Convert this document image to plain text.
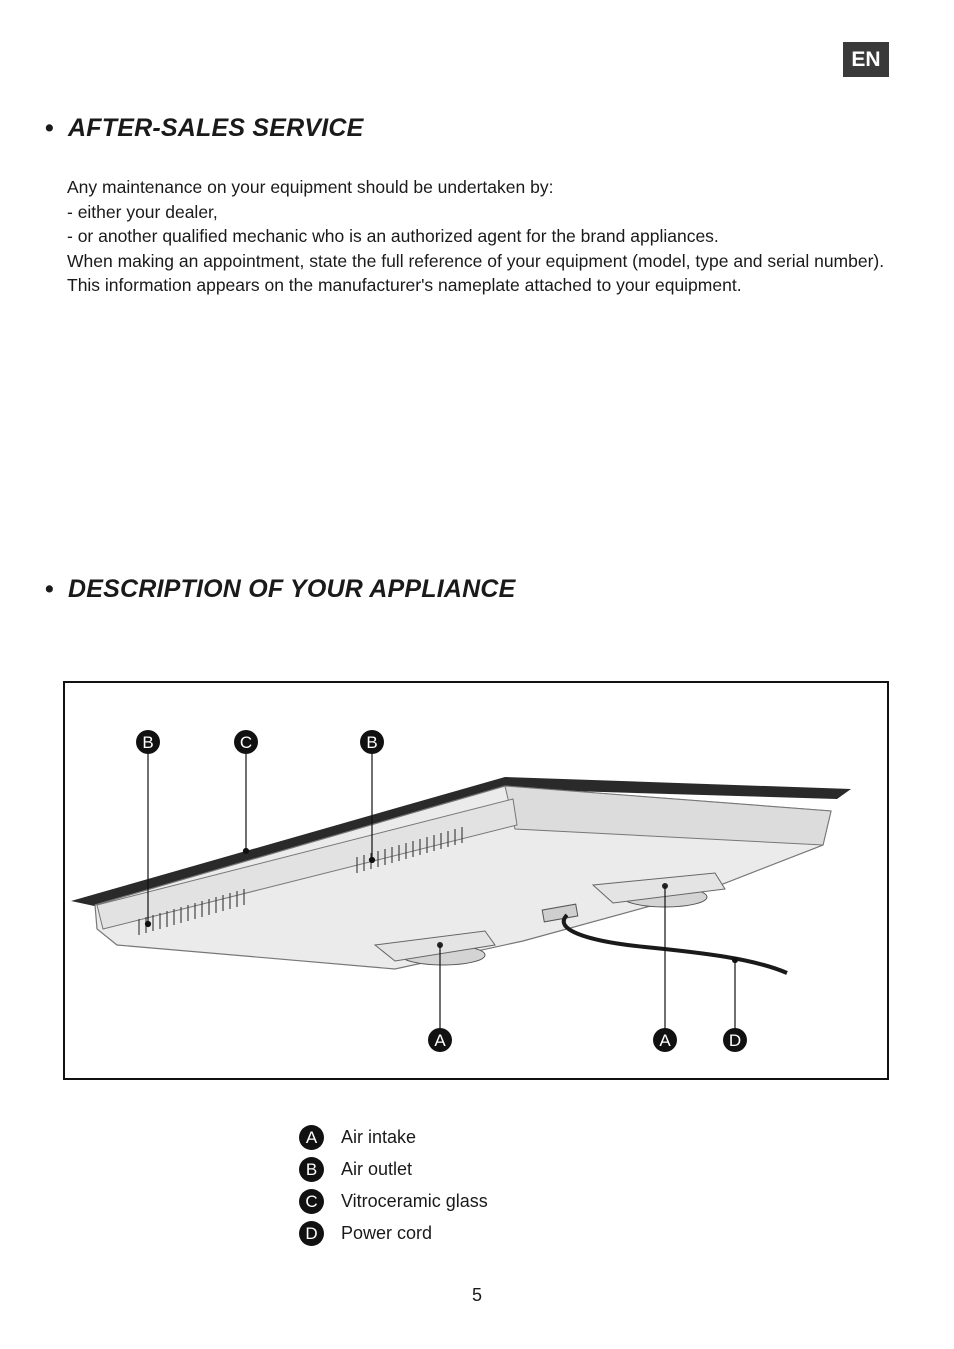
EN
• AFTER-SALES SERVICE

Any maintenance on your equipment should be undertaken by:

- either your dealer,

- or another qualified mechanic who is an authorized agent for the brand appliances.

When making an appointment, state the full reference of your equipment (model, type and serial number). This information appears on the manufacturer's nameplate attached to your equipment.

• DESCRIPTION OF YOUR APPLIANCE
B	C	B
A	A	D
A	Air intake
B	Air outlet
C	Vitroceramic glass
D	Power cord
5
